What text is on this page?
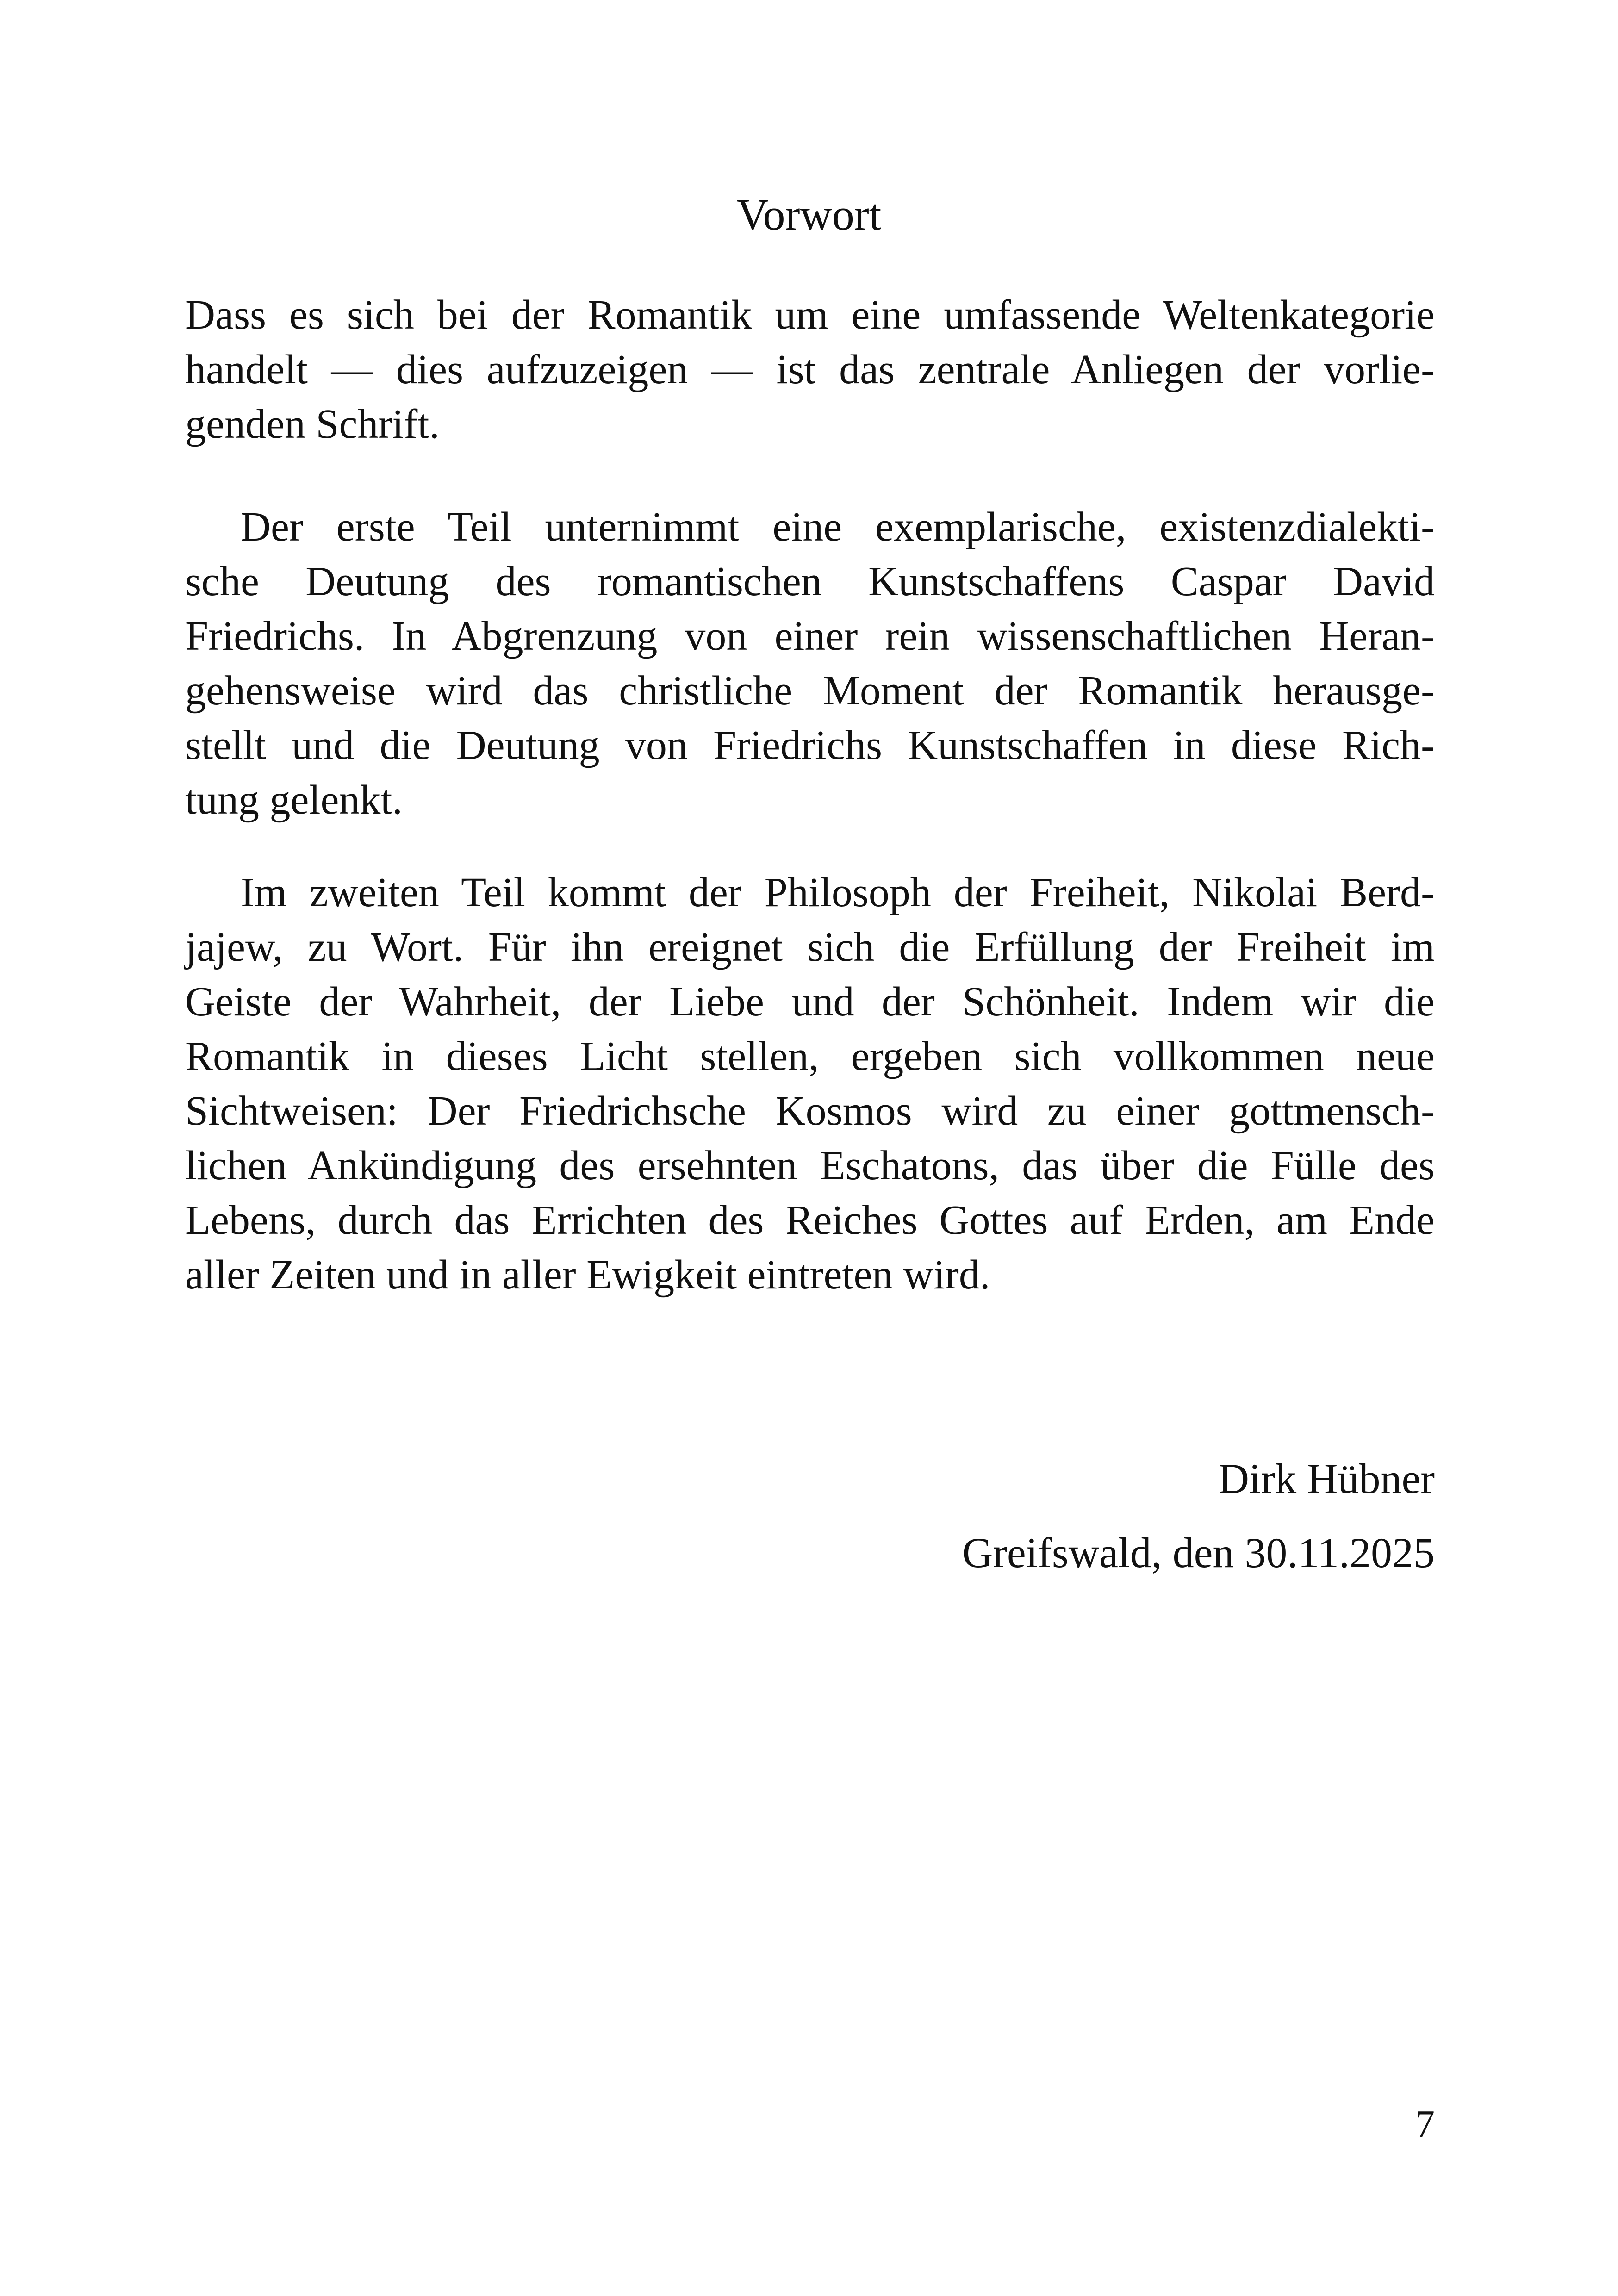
Vorwort

Dass es sich bei der Romantik um eine umfassende Weltenkategorie
handelt — dies aufzuzeigen — ist das zentrale Anliegen der vorlie-
genden Schrift.

Der erste Teil unternimmt eine exemplarische, existenzdialekti-
sche Deutung des romantischen Kunstschaffens Caspar David
Friedrichs. In Abgrenzung von einer rein wissenschaftlichen Heran-
gehensweise wird das christliche Moment der Romantik herausge-
stellt und die Deutung von Friedrichs Kunstschaffen in diese Rich-
tung gelenkt.

Im zweiten Teil kommt der Philosoph der Freiheit, Nikolai Berd-
jajew, zu Wort. Für ihn ereignet sich die Erfüllung der Freiheit im
Geiste der Wahrheit, der Liebe und der Schönheit. Indem wir die
Romantik in dieses Licht stellen, ergeben sich vollkommen neue
Sichtweisen: Der Friedrichsche Kosmos wird zu einer gottmensch-
lichen Ankündigung des ersehnten Eschatons, das über die Fülle des
Lebens, durch das Errichten des Reiches Gottes auf Erden, am Ende
aller Zeiten und in aller Ewigkeit eintreten wird.

Dirk Hübner
Greifswald, den 30.11.2025
7
